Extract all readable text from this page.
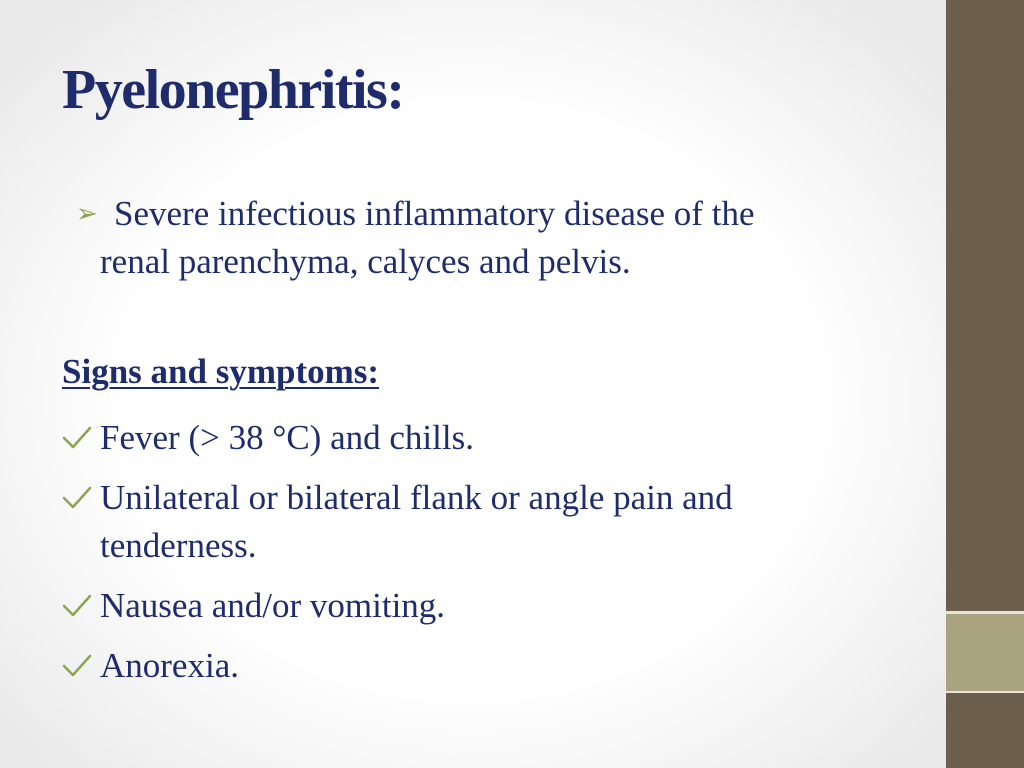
Pyelonephritis:
➢ Severe infectious inflammatory disease of the
renal parenchyma, calyces and pelvis.
Signs and symptoms:
Fever (> 38 °C) and chills.
Unilateral or bilateral flank or angle pain and
tenderness.
Nausea and/or vomiting.
Anorexia.
